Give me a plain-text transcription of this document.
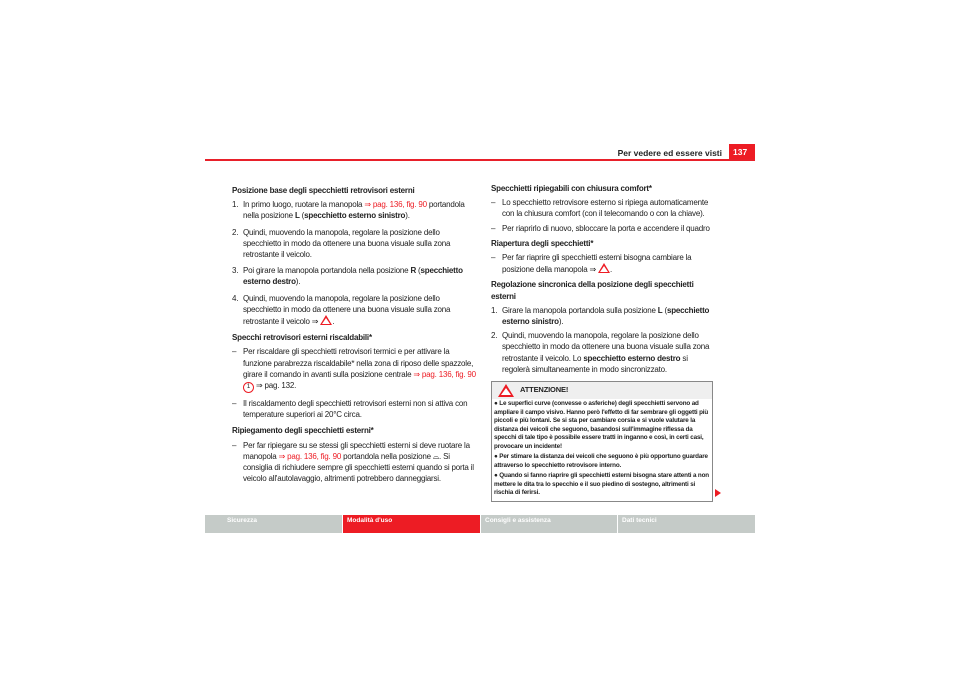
Per vedere ed essere visti	137
Posizione base degli specchietti retrovisori esterni
1. In primo luogo, ruotare la manopola ⇒ pag. 136, fig. 90 portandola nella posizione L (specchietto esterno sinistro).
2. Quindi, muovendo la manopola, regolare la posizione dello specchietto in modo da ottenere una buona visuale sulla zona retrostante il veicolo.
3. Poi girare la manopola portandola nella posizione R (specchietto esterno destro).
4. Quindi, muovendo la manopola, regolare la posizione dello specchietto in modo da ottenere una buona visuale sulla zona retrostante il veicolo ⇒ .
Specchi retrovisori esterni riscaldabili*
– Per riscaldare gli specchietti retrovisori termici e per attivare la funzione parabrezza riscaldabile* nella zona di riposo delle spazzole, girare il comando in avanti sulla posizione centrale ⇒ pag. 136, fig. 90 1 ⇒ pag. 132.
– Il riscaldamento degli specchietti retrovisori esterni non si attiva con temperature superiori ai 20°C circa.
Ripiegamento degli specchietti esterni*
– Per far ripiegare su se stessi gli specchietti esterni si deve ruotare la manopola ⇒ pag. 136, fig. 90 portandola nella posizione ⌓. Si consiglia di richiudere sempre gli specchietti esterni quando si porta il veicolo all'autolavaggio, altrimenti potrebbero danneggiarsi.
Specchietti ripiegabili con chiusura comfort*
– Lo specchietto retrovisore esterno si ripiega automaticamente con la chiusura comfort (con il telecomando o con la chiave).
– Per riaprirlo di nuovo, sbloccare la porta e accendere il quadro
Riapertura degli specchietti*
– Per far riaprire gli specchietti esterni bisogna cambiare la posizione della manopola ⇒ .
Regolazione sincronica della posizione degli specchietti esterni
1. Girare la manopola portandola sulla posizione L (specchietto esterno sinistro).
2. Quindi, muovendo la manopola, regolare la posizione dello specchietto in modo da ottenere una buona visuale sulla zona retrostante il veicolo. Lo specchietto esterno destro si regolerà simultaneamente in modo sincronizzato.
ATTENZIONE!

● Le superfici curve (convesse o asferiche) degli specchietti servono ad ampliare il campo visivo. Hanno però l'effetto di far sembrare gli oggetti più piccoli e più lontani. Se si sta per cambiare corsia e si vuole valutare la distanza dei veicoli che seguono, basandosi sull'immagine riflessa da specchi di tale tipo è possibile essere tratti in inganno e così, in certi casi, provocare un incidente!

● Per stimare la distanza dei veicoli che seguono è più opportuno guardare attraverso lo specchietto retrovisore interno.

● Quando si fanno riaprire gli specchietti esterni bisogna stare attenti a non mettere le dita tra lo specchio e il suo piedino di sostegno, altrimenti si rischia di ferirsi.

Sicurezza	Modalità d'uso	Consigli e assistenza	Dati tecnici
